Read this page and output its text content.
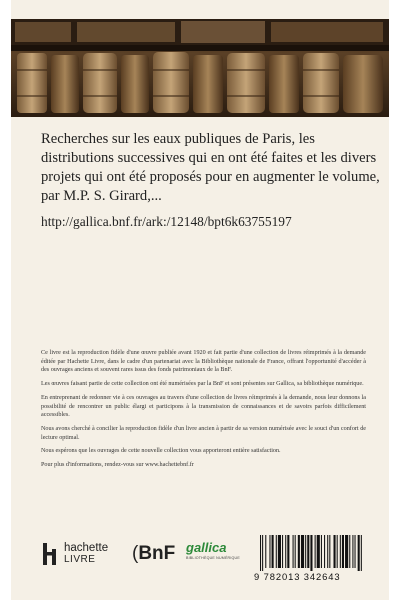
Recherches sur les eaux publiques de Paris, les distributions successives qui en ont été faites et les divers projets qui ont été proposés pour en augmenter le volume, par M.P. S. Girard,...
http://gallica.bnf.fr/ark:/12148/bpt6k63755197

Ce livre est la reproduction fidèle d'une œuvre publiée avant 1920 et fait partie d'une collection de livres réimprimés à la demande éditée par Hachette Livre, dans le cadre d'un partenariat avec la Bibliothèque nationale de France, offrant l'opportunité d'accéder à des ouvrages anciens et souvent rares issus des fonds patrimoniaux de la BnF.

Les œuvres faisant partie de cette collection ont été numérisées par la BnF et sont présentes sur Gallica, sa bibliothèque numérique.

En entreprenant de redonner vie à ces ouvrages au travers d'une collection de livres réimprimés à la demande, nous leur donnons la possibilité de rencontrer un public élargi et participons à la transmission de connaissances et de savoirs parfois difficilement accessibles.

Nous avons cherché à concilier la reproduction fidèle d'un livre ancien à partir de sa version numérisée avec le souci d'un confort de lecture optimal.

Nous espérons que les ouvrages de cette nouvelle collection vous apporteront entière satisfaction.

Pour plus d'informations, rendez-vous sur www.hachettebnf.fr

hachette
LIVRE	(BnF gallica
BIBLIOTHÈQUE NUMÉRIQUE
9 782013 342643
